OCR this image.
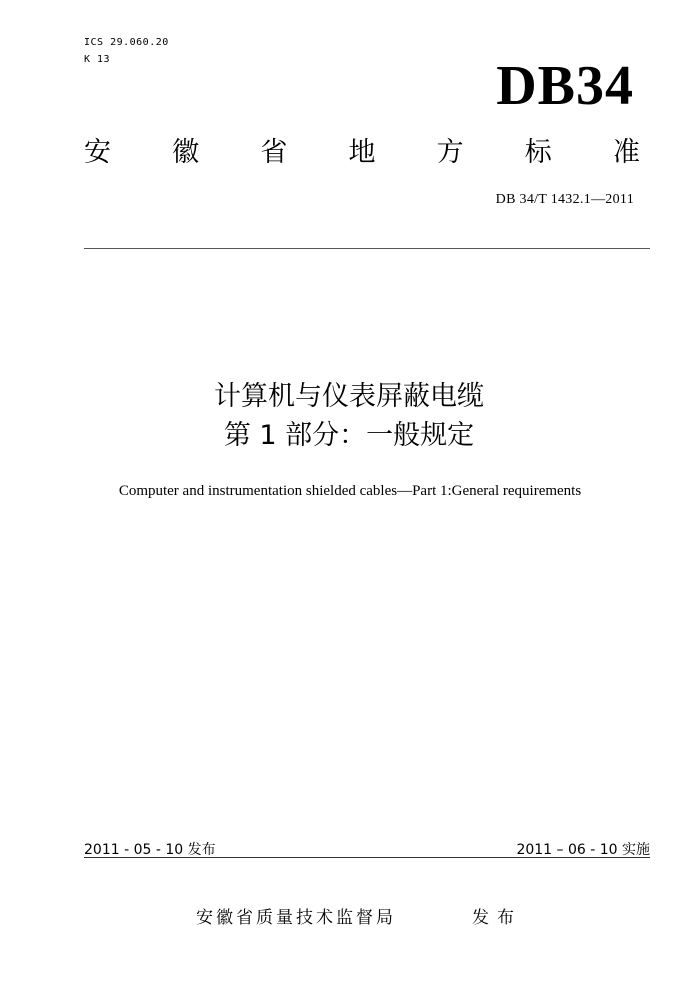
ICS 29.060.20
K 13	DB34
安 徽 省 地 方 标 准
DB 34/T 1432.1—2011
计算机与仪表屏蔽电缆
第 1 部分：一般规定
Computer and instrumentation shielded cables—Part 1:General requirements
2011 - 05 - 10 发布	2011 – 06 - 10 实施
安徽省质量技术监督局	发布
